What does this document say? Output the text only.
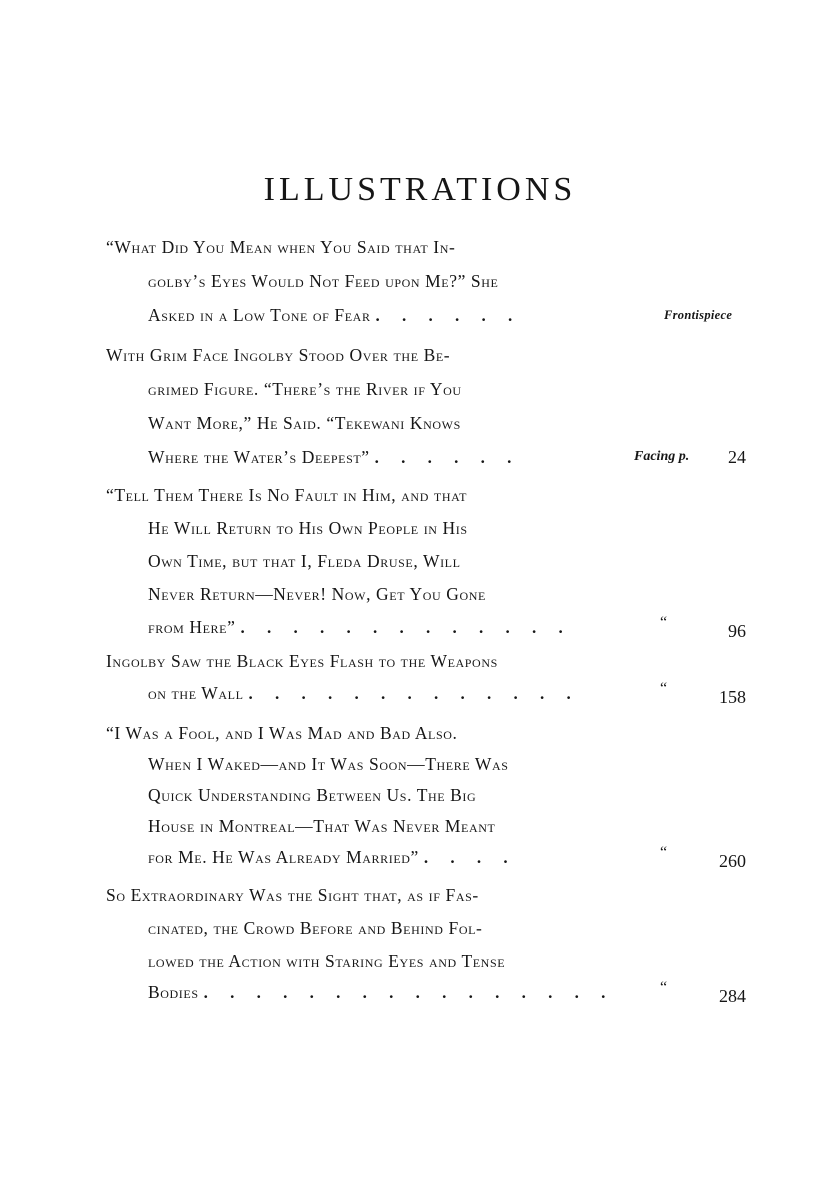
ILLUSTRATIONS
“What Did You Mean when You Said that In-
golby’s Eyes Would Not Feed upon Me?” She
Asked in a Low Tone of Fear . . . . . .	Frontispiece
With Grim Face Ingolby Stood Over the Be-
grimed Figure. “There’s the River if You
Want More,” He Said. “Tekewani Knows
Where the Water’s Deepest” . . . . . .	Facing p.	24
“Tell Them There Is No Fault in Him, and that
He Will Return to His Own People in His
Own Time, but that I, Fleda Druse, Will
Never Return—Never! Now, Get You Gone
from Here” . . . . . . . . . . . . .	“	96
Ingolby Saw the Black Eyes Flash to the Weapons
on the Wall . . . . . . . . . . . . .	“	158
“I Was a Fool, and I Was Mad and Bad Also.
When I Waked—and It Was Soon—There Was
Quick Understanding Between Us. The Big
House in Montreal—That Was Never Meant
for Me. He Was Already Married” . . . .	“	260
So Extraordinary Was the Sight that, as if Fas-
cinated, the Crowd Before and Behind Fol-
lowed the Action with Staring Eyes and Tense
Bodies . . . . . . . . . . . . . . . .	“	284
